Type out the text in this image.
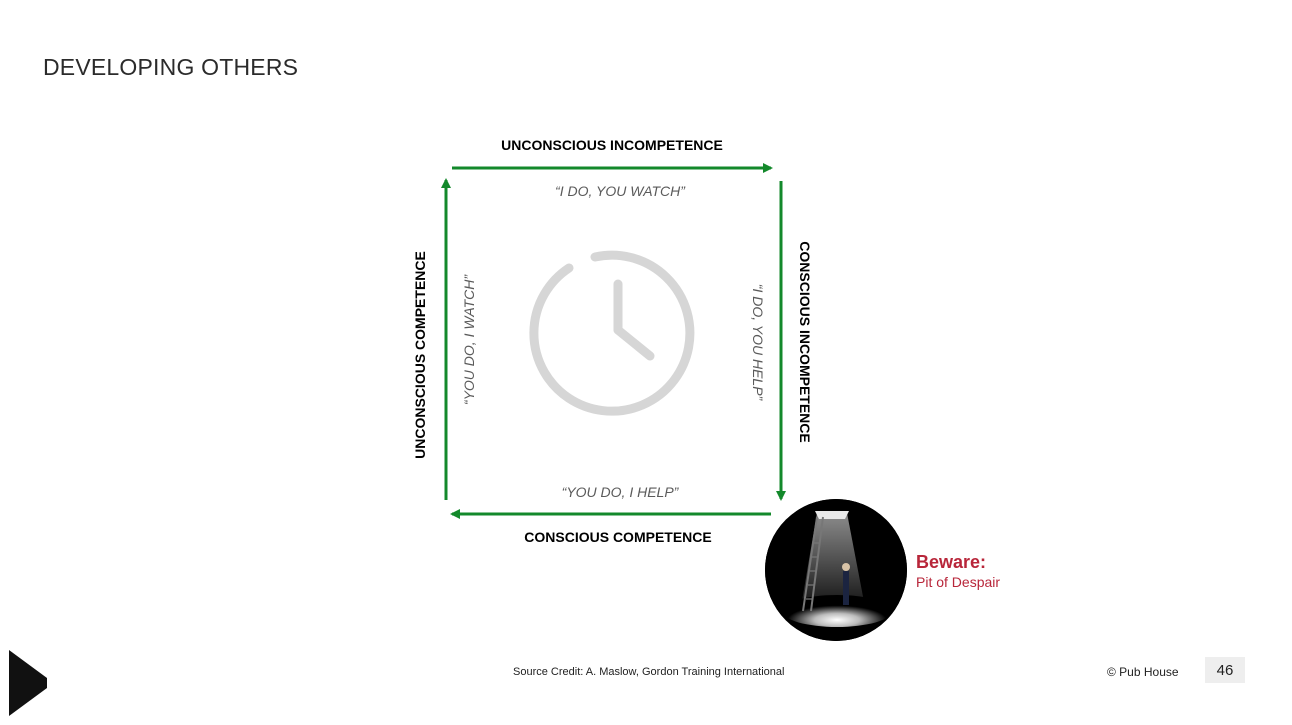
DEVELOPING OTHERS
UNCONSCIOUS INCOMPETENCE
“I DO, YOU WATCH”
CONSCIOUS INCOMPETENCE
“I DO, YOU HELP”
“YOU DO, I HELP”
CONSCIOUS COMPETENCE
UNCONSCIOUS COMPETENCE “YOU DO, I WATCH”
Beware:
Pit of Despair
Source Credit: A. Maslow, Gordon Training International	© Pub House	46
